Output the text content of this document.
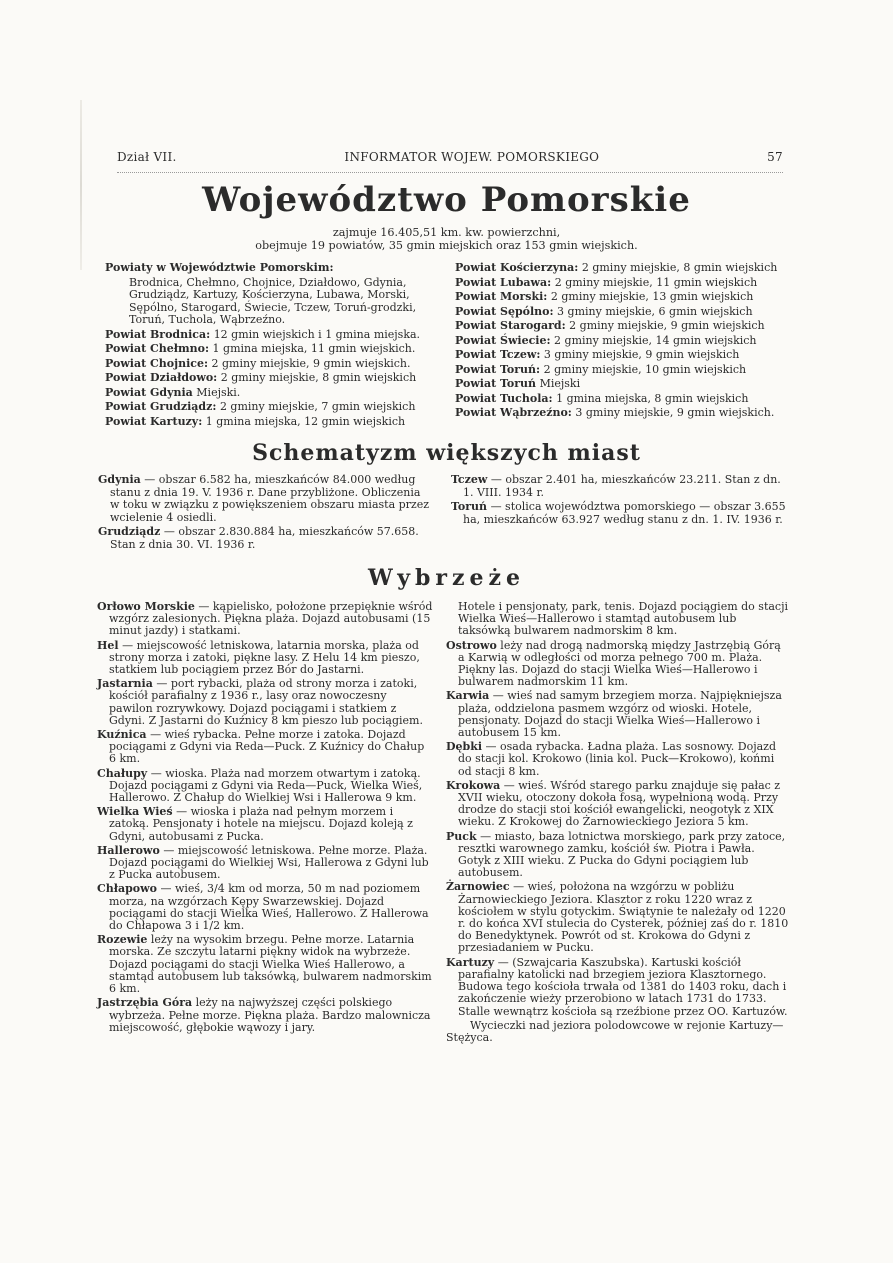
Dział VII.	INFORMATOR WOJEW. POMORSKIEGO	57
Województwo Pomorskie
zajmuje 16.405,51 km. kw. powierzchni,
obejmuje 19 powiatów, 35 gmin miejskich oraz 153 gmin wiejskich.

Powiaty w Województwie Pomorskim:

Brodnica, Chełmno, Chojnice, Działdowo, Gdynia, Grudziądz, Kartuzy, Kościerzyna, Lubawa, Morski, Sępólno, Starogard, Świecie, Tczew, Toruń-grodzki, Toruń, Tuchola, Wąbrzeźno.

Powiat Brodnica: 12 gmin wiejskich i 1 gmina miejska.

Powiat Chełmno: 1 gmina miejska, 11 gmin wiejskich.

Powiat Chojnice: 2 gminy miejskie, 9 gmin wiejskich.

Powiat Działdowo: 2 gminy miejskie, 8 gmin wiejskich

Powiat Gdynia Miejski.

Powiat Grudziądz: 2 gminy miejskie, 7 gmin wiejskich

Powiat Kartuzy: 1 gmina miejska, 12 gmin wiejskich

Powiat Kościerzyna: 2 gminy miejskie, 8 gmin wiejskich

Powiat Lubawa: 2 gminy miejskie, 11 gmin wiejskich

Powiat Morski: 2 gminy miejskie, 13 gmin wiejskich

Powiat Sępólno: 3 gminy miejskie, 6 gmin wiejskich

Powiat Starogard: 2 gminy miejskie, 9 gmin wiejskich

Powiat Świecie: 2 gminy miejskie, 14 gmin wiejskich

Powiat Tczew: 3 gminy miejskie, 9 gmin wiejskich

Powiat Toruń: 2 gminy miejskie, 10 gmin wiejskich

Powiat Toruń Miejski

Powiat Tuchola: 1 gmina miejska, 8 gmin wiejskich

Powiat Wąbrzeźno: 3 gminy miejskie, 9 gmin wiejskich.

Schematyzm większych miast

Gdynia — obszar 6.582 ha, mieszkańców 84.000 według stanu z dnia 19. V. 1936 r. Dane przybliżone. Obliczenia w toku w związku z powiększeniem obszaru miasta przez wcielenie 4 osiedli.

Grudziądz — obszar 2.830.884 ha, mieszkańców 57.658. Stan z dnia 30. VI. 1936 r.

Tczew — obszar 2.401 ha, mieszkańców 23.211. Stan z dn. 1. VIII. 1934 r.

Toruń — stolica województwa pomorskiego — obszar 3.655 ha, mieszkańców 63.927 według stanu z dn. 1. IV. 1936 r.

Wybrzeże

Orłowo Morskie — kąpielisko, położone przepięknie wśród wzgórz zalesionych. Piękna plaża. Dojazd autobusami (15 minut jazdy) i statkami.

Hel — miejscowość letniskowa, latarnia morska, plaża od strony morza i zatoki, piękne lasy. Z Helu 14 km pieszo, statkiem lub pociągiem przez Bór do Jastarni.

Jastarnia — port rybacki, plaża od strony morza i zatoki, kościół parafialny z 1936 r., lasy oraz nowoczesny pawilon rozrywkowy. Dojazd pociągami i statkiem z Gdyni. Z Jastarni do Kuźnicy 8 km pieszo lub pociągiem.

Kuźnica — wieś rybacka. Pełne morze i zatoka. Dojazd pociągami z Gdyni via Reda—Puck. Z Kuźnicy do Chałup 6 km.

Chałupy — wioska. Plaża nad morzem otwartym i zatoką. Dojazd pociągami z Gdyni via Reda—Puck, Wielka Wieś, Hallerowo. Z Chałup do Wielkiej Wsi i Hallerowa 9 km.

Wielka Wieś — wioska i plaża nad pełnym morzem i zatoką. Pensjonaty i hotele na miejscu. Dojazd koleją z Gdyni, autobusami z Pucka.

Hallerowo — miejscowość letniskowa. Pełne morze. Plaża. Dojazd pociągami do Wielkiej Wsi, Hallerowa z Gdyni lub z Pucka autobusem.

Chłapowo — wieś, 3/4 km od morza, 50 m nad poziomem morza, na wzgórzach Kępy Swarzewskiej. Dojazd pociągami do stacji Wielka Wieś, Hallerowo. Z Hallerowa do Chłapowa 3 i 1/2 km.

Rozewie leży na wysokim brzegu. Pełne morze. Latarnia morska. Ze szczytu latarni piękny widok na wybrzeże. Dojazd pociągami do stacji Wielka Wieś Hallerowo, a stamtąd autobusem lub taksówką, bulwarem nadmorskim 6 km.

Jastrzębia Góra leży na najwyższej części polskiego wybrzeża. Pełne morze. Piękna plaża. Bardzo malownicza miejscowość, głębokie wąwozy i jary.

Hotele i pensjonaty, park, tenis. Dojazd pociągiem do stacji Wielka Wieś—Hallerowo i stamtąd autobusem lub taksówką bulwarem nadmorskim 8 km.

Ostrowo leży nad drogą nadmorską między Jastrzębią Górą a Karwią w odległości od morza pełnego 700 m. Plaża. Piękny las. Dojazd do stacji Wielka Wieś—Hallerowo i bulwarem nadmorskim 11 km.

Karwia — wieś nad samym brzegiem morza. Najpiękniejsza plaża, oddzielona pasmem wzgórz od wioski. Hotele, pensjonaty. Dojazd do stacji Wielka Wieś—Hallerowo i autobusem 15 km.

Dębki — osada rybacka. Ładna plaża. Las sosnowy. Dojazd do stacji kol. Krokowo (linia kol. Puck—Krokowo), końmi od stacji 8 km.

Krokowa — wieś. Wśród starego parku znajduje się pałac z XVII wieku, otoczony dokoła fosą, wypełnioną wodą. Przy drodze do stacji stoi kościół ewangelicki, neogotyk z XIX wieku. Z Krokowej do Żarnowieckiego Jeziora 5 km.

Puck — miasto, baza lotnictwa morskiego, park przy zatoce, resztki warownego zamku, kościół św. Piotra i Pawła. Gotyk z XIII wieku. Z Pucka do Gdyni pociągiem lub autobusem.

Żarnowiec — wieś, położona na wzgórzu w pobliżu Żarnowieckiego Jeziora. Klasztor z roku 1220 wraz z kościołem w stylu gotyckim. Świątynie te należały od 1220 r. do końca XVI stulecia do Cysterek, później zaś do r. 1810 do Benedyktynek. Powrót od st. Krokowa do Gdyni z przesiadaniem w Pucku.

Kartuzy — (Szwajcaria Kaszubska). Kartuski kościół parafialny katolicki nad brzegiem jeziora Klasztornego. Budowa tego kościoła trwała od 1381 do 1403 roku, dach i zakończenie wieży przerobiono w latach 1731 do 1733. Stalle wewnątrz kościoła są rzeźbione przez OO. Kartuzów.

Wycieczki nad jeziora polodowcowe w rejonie Kartuzy—Stężyca.
